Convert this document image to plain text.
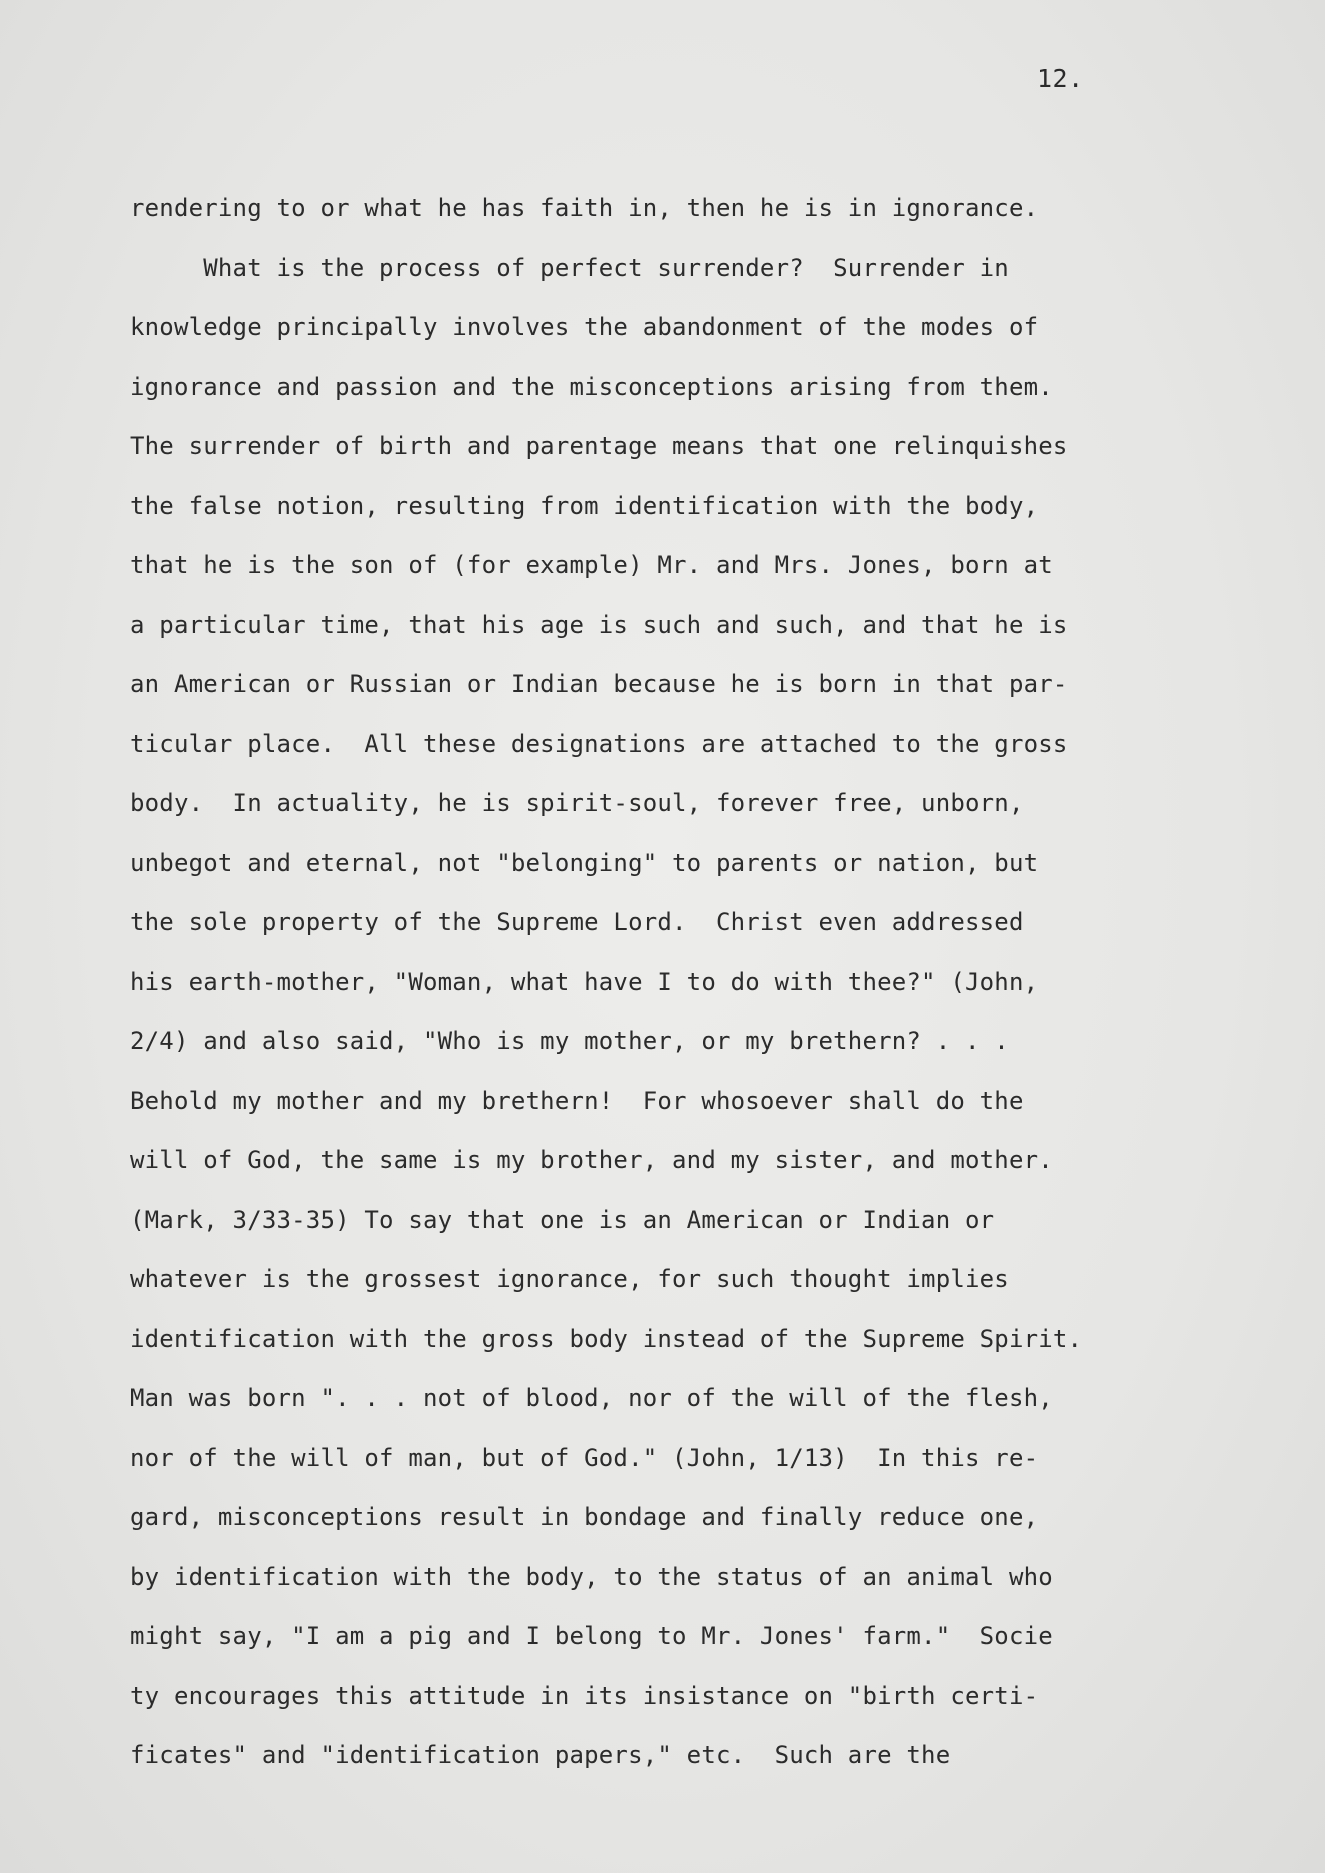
12.
rendering to or what he has faith in, then he is in ignorance.
What is the process of perfect surrender?  Surrender in
knowledge principally involves the abandonment of the modes of
ignorance and passion and the misconceptions arising from them.
The surrender of birth and parentage means that one relinquishes
the false notion, resulting from identification with the body,
that he is the son of (for example) Mr. and Mrs. Jones, born at
a particular time, that his age is such and such, and that he is
an American or Russian or Indian because he is born in that par-
ticular place.  All these designations are attached to the gross
body.  In actuality, he is spirit-soul, forever free, unborn,
unbegot and eternal, not "belonging" to parents or nation, but
the sole property of the Supreme Lord.  Christ even addressed
his earth-mother, "Woman, what have I to do with thee?" (John,
2/4) and also said, "Who is my mother, or my brethern? . . .
Behold my mother and my brethern!  For whosoever shall do the
will of God, the same is my brother, and my sister, and mother.
(Mark, 3/33-35) To say that one is an American or Indian or
whatever is the grossest ignorance, for such thought implies
identification with the gross body instead of the Supreme Spirit.
Man was born ". . . not of blood, nor of the will of the flesh,
nor of the will of man, but of God." (John, 1/13)  In this re-
gard, misconceptions result in bondage and finally reduce one,
by identification with the body, to the status of an animal who
might say, "I am a pig and I belong to Mr. Jones' farm."  Socie
ty encourages this attitude in its insistance on "birth certi-
ficates" and "identification papers," etc.  Such are the
